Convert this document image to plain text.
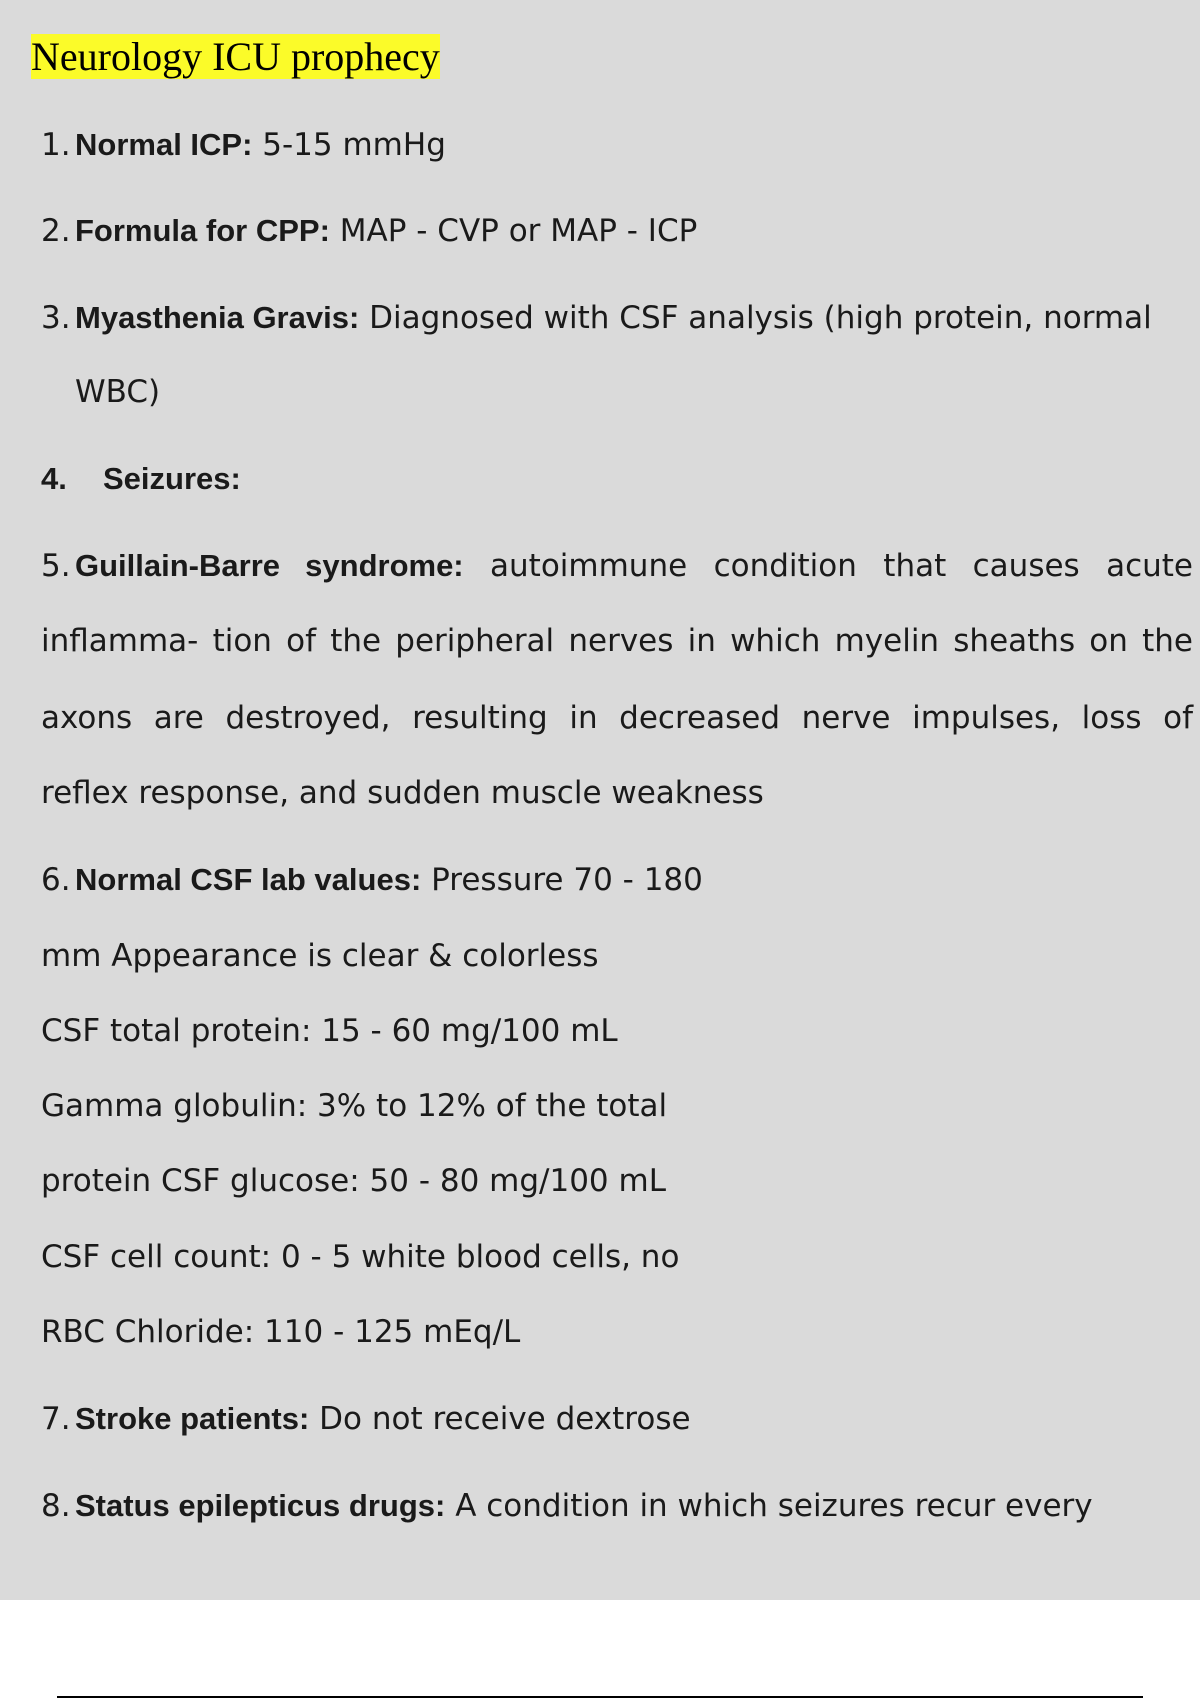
Neurology ICU prophecy
1. Normal ICP: 5-15 mmHg
2. Formula for CPP: MAP - CVP or MAP - ICP
3. Myasthenia Gravis: Diagnosed with CSF analysis (high protein, normal
WBC)
4. Seizures:
5. Guillain-Barre syndrome: autoimmune condition that causes acute
inflamma- tion of the peripheral nerves in which myelin sheaths on the
axons are destroyed, resulting in decreased nerve impulses, loss of
reflex response, and sudden muscle weakness
6. Normal CSF lab values: Pressure 70 - 180
mm Appearance is clear & colorless
CSF total protein: 15 - 60 mg/100 mL
Gamma globulin: 3% to 12% of the total
protein CSF glucose: 50 - 80 mg/100 mL
CSF cell count: 0 - 5 white blood cells, no
RBC Chloride: 110 - 125 mEq/L
7. Stroke patients: Do not receive dextrose
8. Status epilepticus drugs: A condition in which seizures recur every
